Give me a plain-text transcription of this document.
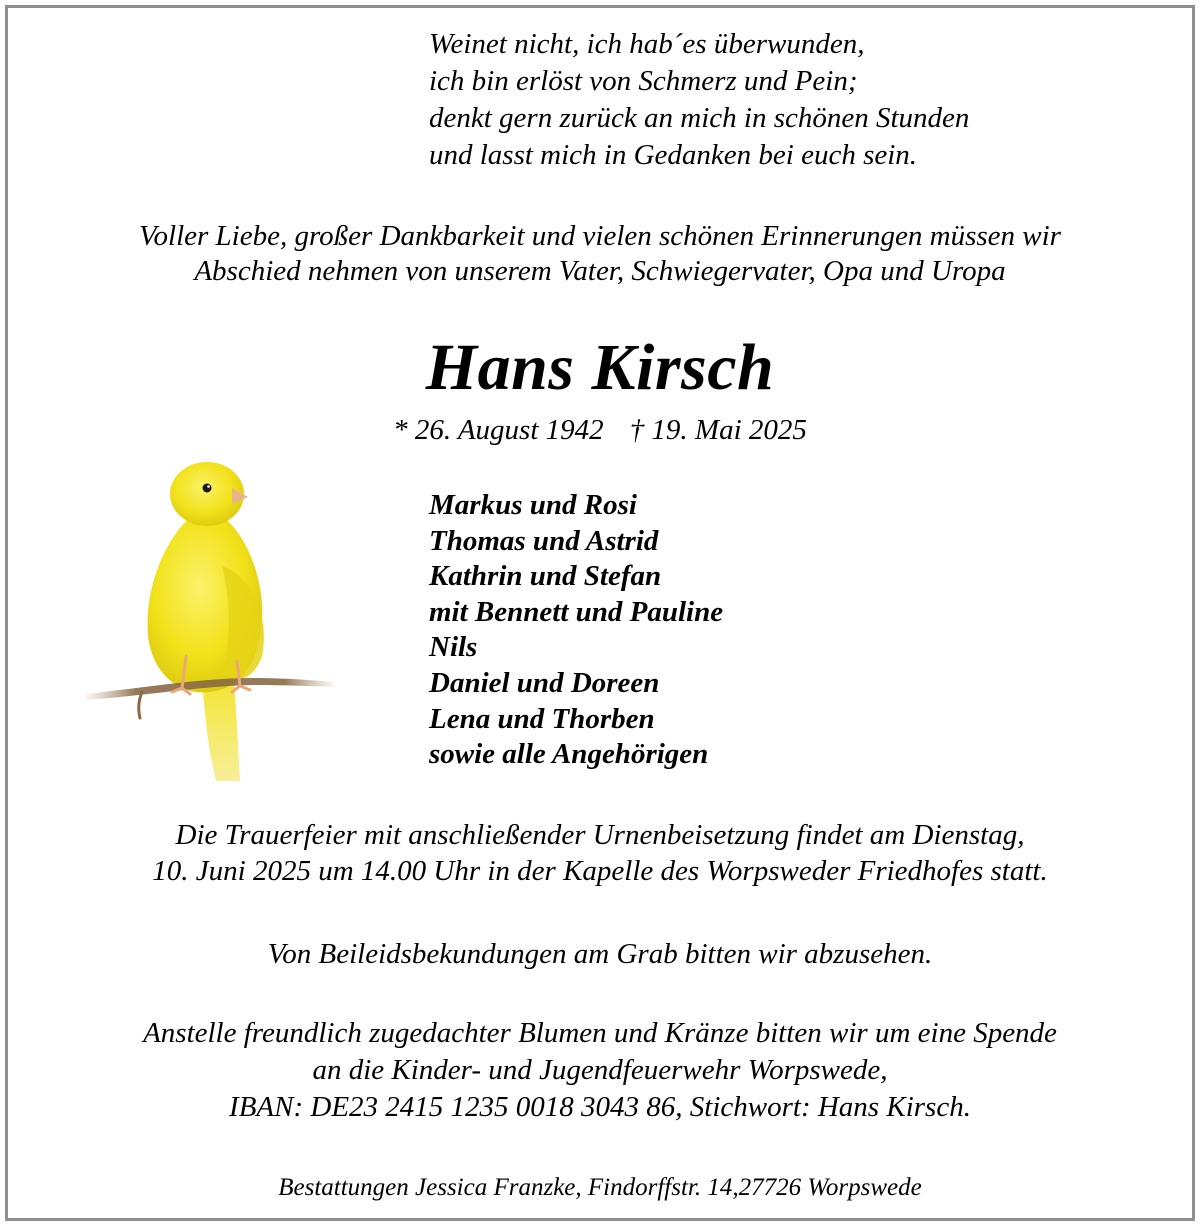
Weinet nicht, ich hab´es überwunden,
ich bin erlöst von Schmerz und Pein;
denkt gern zurück an mich in schönen Stunden
und lasst mich in Gedanken bei euch sein.
Voller Liebe, großer Dankbarkeit und vielen schönen Erinnerungen müssen wir
Abschied nehmen von unserem Vater, Schwiegervater, Opa und Uropa
Hans Kirsch
* 26. August 1942 † 19. Mai 2025
Markus und Rosi
Thomas und Astrid
Kathrin und Stefan
mit Bennett und Pauline
Nils
Daniel und Doreen
Lena und Thorben
sowie alle Angehörigen
Die Trauerfeier mit anschließender Urnenbeisetzung findet am Dienstag,
10. Juni 2025 um 14.00 Uhr in der Kapelle des Worpsweder Friedhofes statt.
Von Beileidsbekundungen am Grab bitten wir abzusehen.
Anstelle freundlich zugedachter Blumen und Kränze bitten wir um eine Spende
an die Kinder- und Jugendfeuerwehr Worpswede,
IBAN: DE23 2415 1235 0018 3043 86, Stichwort: Hans Kirsch.
Bestattungen Jessica Franzke, Findorffstr. 14,27726 Worpswede
